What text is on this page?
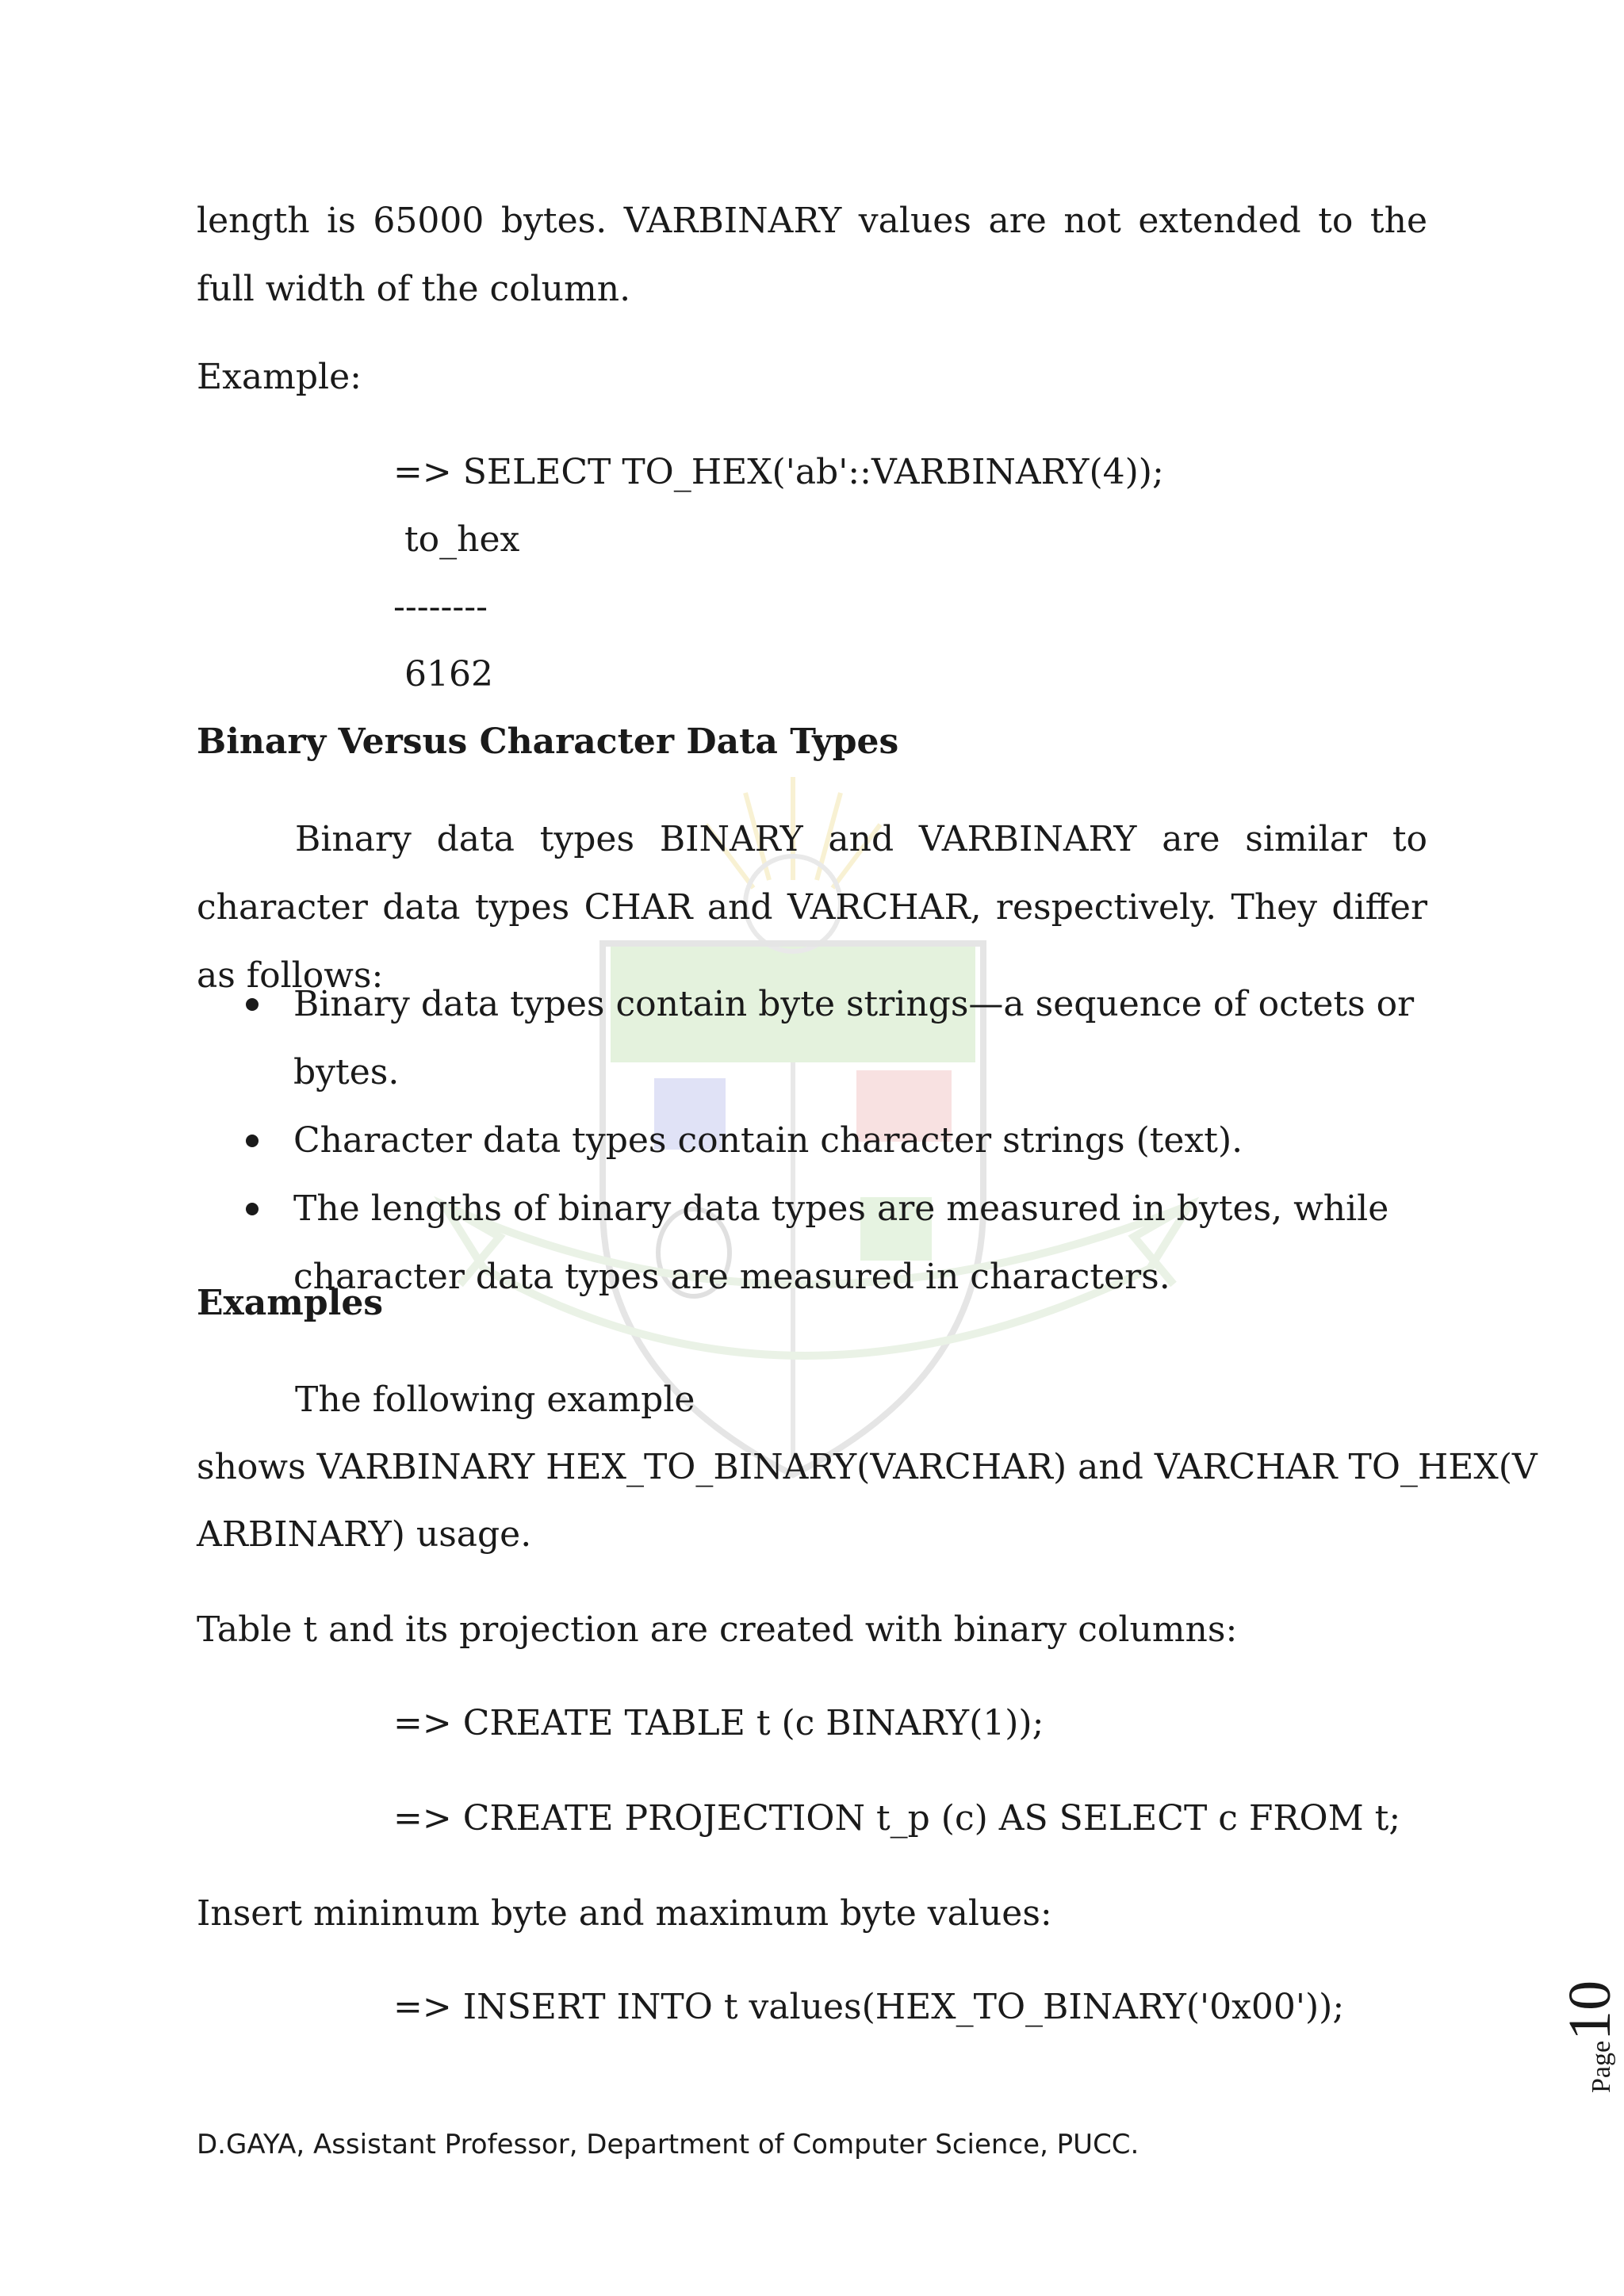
length is 65000 bytes. VARBINARY values are not extended to the full width of the column.
Example:
=> SELECT TO_HEX('ab'::VARBINARY(4));
to_hex
--------
6162
Binary Versus Character Data Types
Binary data types BINARY and VARBINARY are similar to character data types CHAR and VARCHAR, respectively. They differ as follows:
Binary data types contain byte strings—a sequence of octets or bytes.
Character data types contain character strings (text).
The lengths of binary data types are measured in bytes, while character data types are measured in characters.
Examples
The following example
shows VARBINARY HEX_TO_BINARY(VARCHAR) and VARCHAR TO_HEX(V
ARBINARY) usage.
Table t and its projection are created with binary columns:
=> CREATE TABLE t (c BINARY(1));
=> CREATE PROJECTION t_p (c) AS SELECT c FROM t;
Insert minimum byte and maximum byte values:
=> INSERT INTO t values(HEX_TO_BINARY('0x00'));
Page10
D.GAYA, Assistant Professor, Department of Computer Science, PUCC.
